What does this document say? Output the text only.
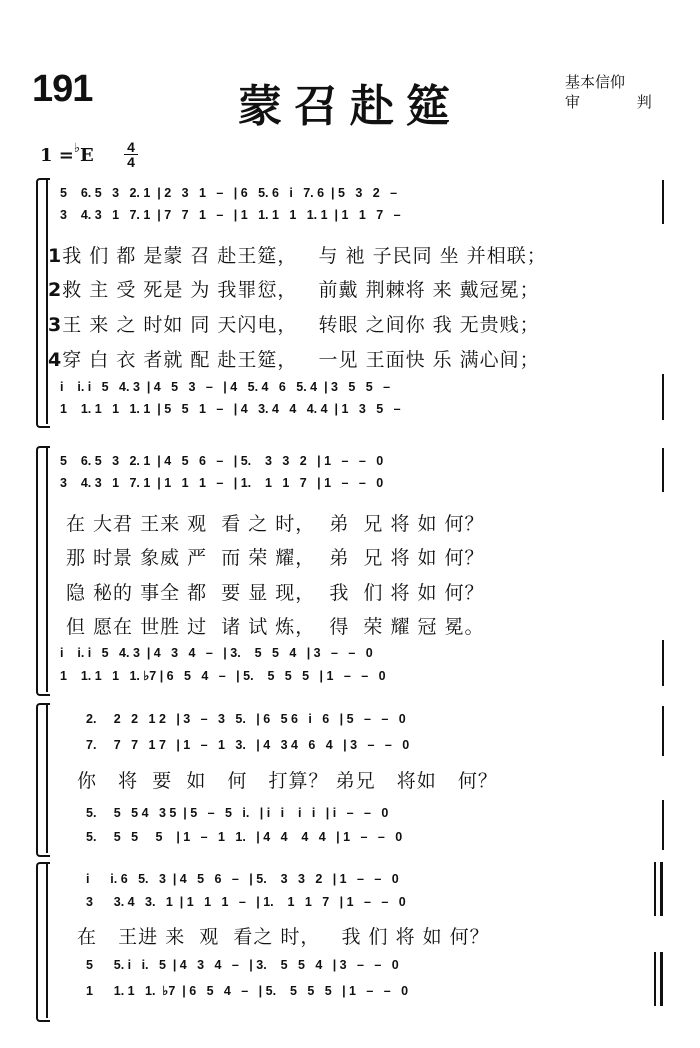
191	蒙召赴筵	基本信仰
审 判
1 =♭E 4
4
5    6. 5   3   2. 1  | 2   3   1   –   | 6   5. 6   i   7. 6  | 5   3   2   –
3    4. 3   1   7. 1  | 7   7   1   –   | 1   1. 1   1   1. 1  | 1   1   7   –
1我 们 都 是蒙 召 赴王筵，   与 祂 子民同 坐 并相联；
2救 主 受 死是 为 我罪愆，   前戴 荆棘将 来 戴冠冕；
3王 来 之 时如 同 天闪电，   转眼 之间你 我 无贵贱；
4穿 白 衣 者就 配 赴王筵，   一见 王面快 乐 满心间；
i    i. i   5   4. 3  | 4   5   3   –   | 4   5. 4   6   5. 4  | 3   5   5   –
1    1. 1   1   1. 1  | 5   5   1   –   | 4   3. 4   4   4. 4  | 1   3   5   –
5    6. 5   3   2. 1  | 4   5   6   –   | 5.    3   3   2   | 1   –   –   0
3    4. 3   1   7. 1  | 1   1   1   –   | 1.    1   1   7   | 1   –   –   0
在 大君 王来 观  看 之 时，  弟  兄 将 如 何？
那 时景 象威 严  而 荣 耀，  弟  兄 将 如 何？
隐 秘的 事全 都  要 显 现，  我  们 将 如 何？
但 愿在 世胜 过  诸 试 炼，  得  荣 耀 冠 冕。
i    i. i   5   4. 3  | 4   3   4   –   | 3.    5   5   4   | 3   –   –   0
1    1. 1   1   1. ♭7 | 6   5   4   –   | 5.    5   5   5   | 1   –   –   0
2.     2   2   1 2   | 3   –   3   5.   | 6   5 6   i   6   | 5   –   –   0
7.     7   7   1 7   | 1   –   1   3.   | 4   3 4   6   4   | 3   –   –   0
你   将  要  如   何   打算？ 弟兄   将如   何？
5.     5   5 4   3 5  | 5   –   5   i.   | i   i    i   i   | i   –   –   0
5.     5   5     5    | 1   –   1   1.   | 4   4    4   4   | 1   –   –   0
i      i. 6   5.   3  | 4   5   6   –   | 5.    3   3   2   | 1   –   –   0
3      3. 4   3.   1  | 1   1   1   –   | 1.    1   1   7   | 1   –   –   0
在   王进 来  观  看之 时，   我 们 将 如 何？
5      5. i   i.   5  | 4   3   4   –   | 3.    5   5   4   | 3   –   –   0
1      1. 1   1.  ♭7  | 6   5   4   –   | 5.    5   5   5   | 1   –   –   0
